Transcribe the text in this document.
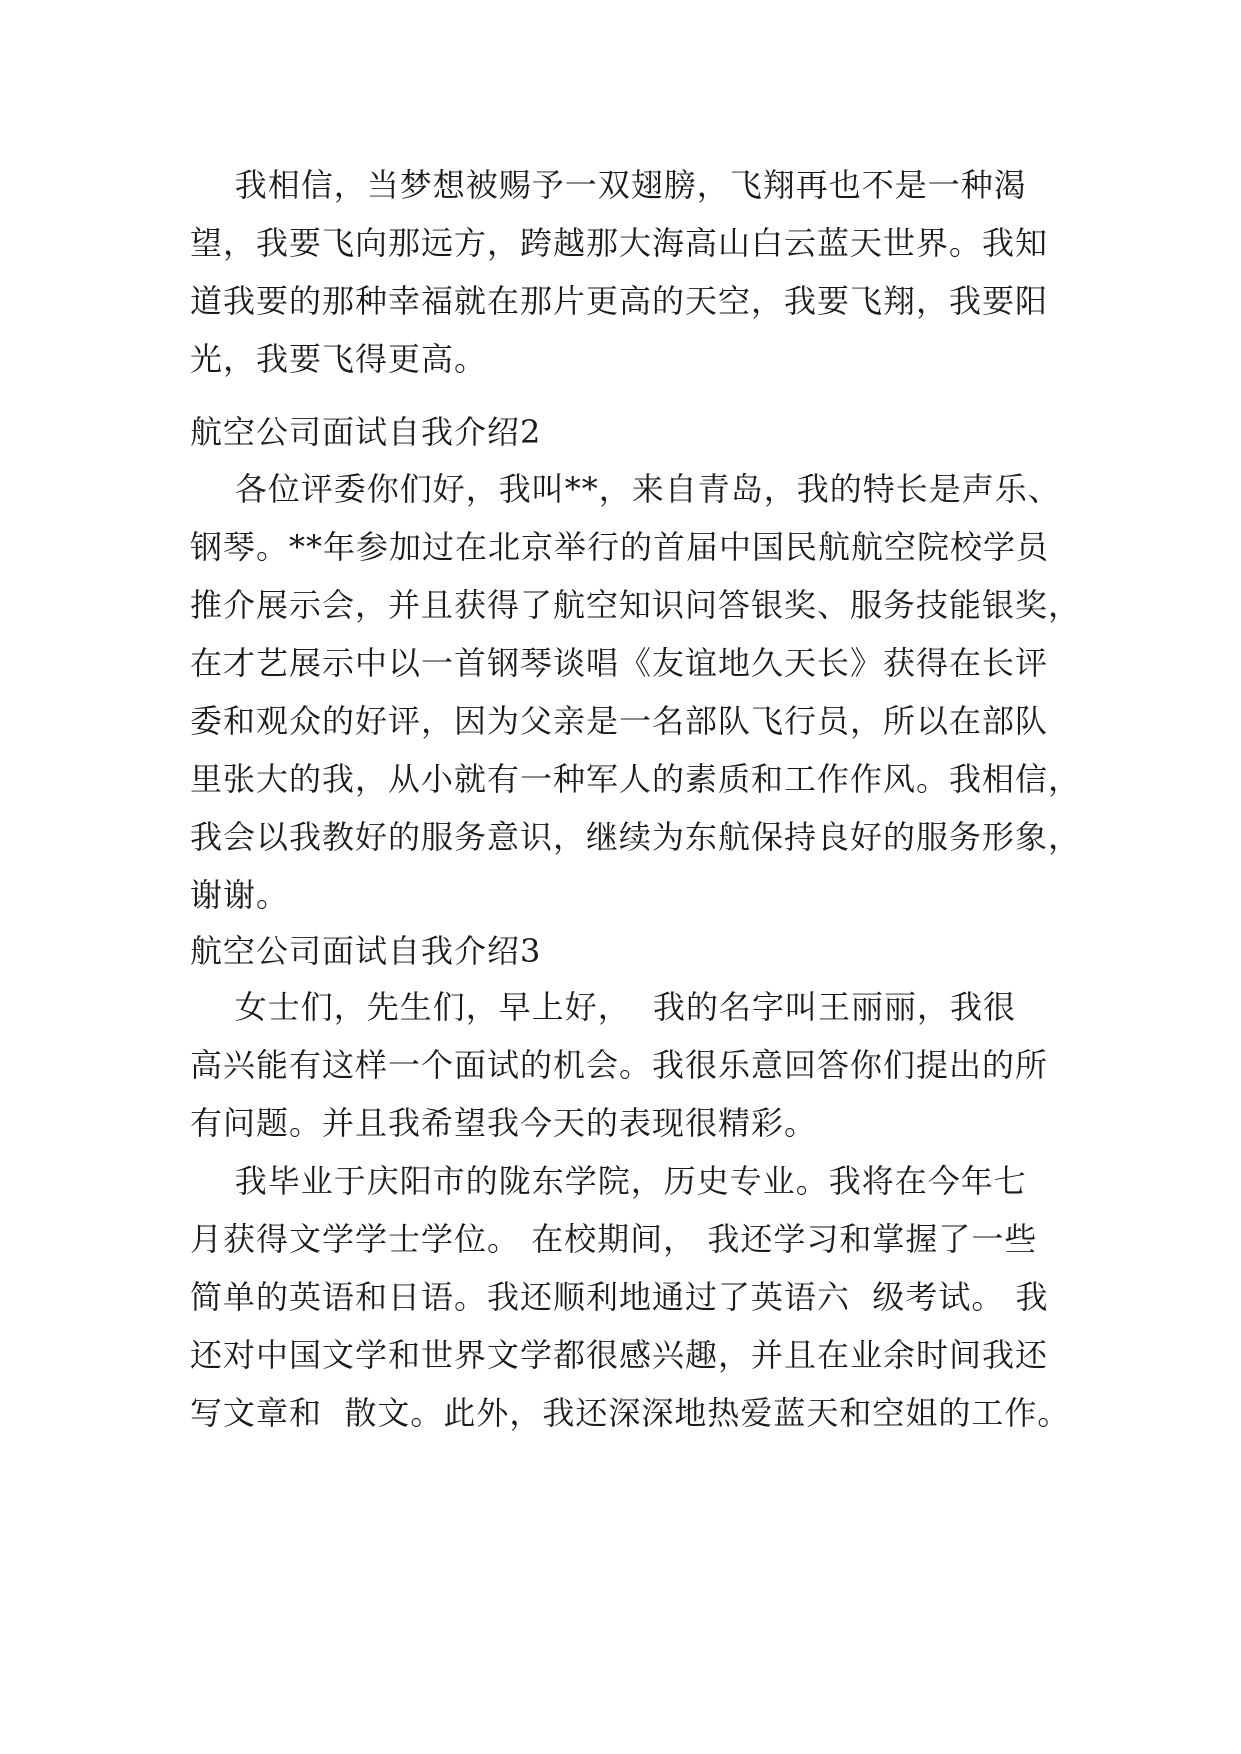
我相信，当梦想被赐予一双翅膀，飞翔再也不是一种渴
望，我要飞向那远方，跨越那大海高山白云蓝天世界。我知
道我要的那种幸福就在那片更高的天空，我要飞翔，我要阳
光，我要飞得更高。
航空公司面试自我介绍2
各位评委你们好，我叫**，来自青岛，我的特长是声乐、
钢琴。**年参加过在北京举行的首届中国民航航空院校学员
推介展示会，并且获得了航空知识问答银奖、服务技能银奖，
在才艺展示中以一首钢琴谈唱《友谊地久天长》获得在长评
委和观众的好评，因为父亲是一名部队飞行员，所以在部队
里张大的我，从小就有一种军人的素质和工作作风。我相信，
我会以我教好的服务意识，继续为东航保持良好的服务形象，
谢谢。
航空公司面试自我介绍3
女士们，先生们，早上好，  我的名字叫王丽丽，我很
高兴能有这样一个面试的机会。我很乐意回答你们提出的所
有问题。并且我希望我今天的表现很精彩。
我毕业于庆阳市的陇东学院，历史专业。我将在今年七
月获得文学学士学位。 在校期间， 我还学习和掌握了一些
简单的英语和日语。我还顺利地通过了英语六  级考试。 我
还对中国文学和世界文学都很感兴趣，并且在业余时间我还
写文章和  散文。此外，我还深深地热爱蓝天和空姐的工作。
